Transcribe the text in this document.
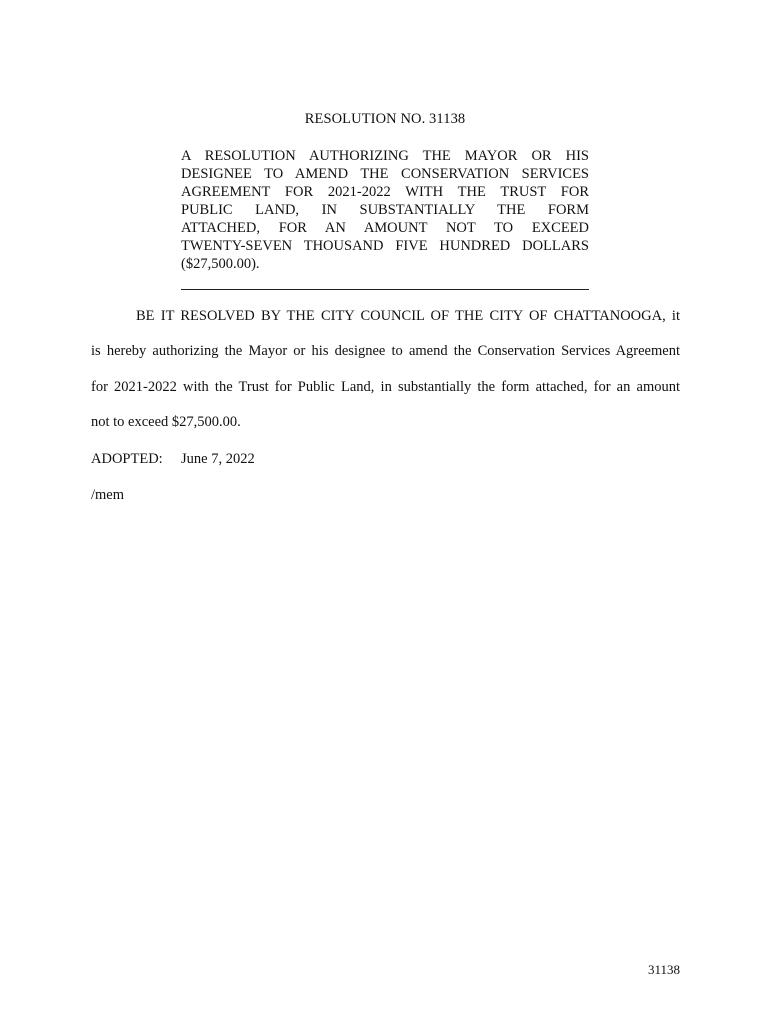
RESOLUTION NO. 31138
A RESOLUTION AUTHORIZING THE MAYOR OR HIS
DESIGNEE TO AMEND THE CONSERVATION SERVICES
AGREEMENT FOR 2021-2022 WITH THE TRUST FOR
PUBLIC LAND, IN SUBSTANTIALLY THE FORM
ATTACHED, FOR AN AMOUNT NOT TO EXCEED
TWENTY-SEVEN THOUSAND FIVE HUNDRED DOLLARS
($27,500.00).
BE IT RESOLVED BY THE CITY COUNCIL OF THE CITY OF CHATTANOOGA, it
is hereby authorizing the Mayor or his designee to amend the Conservation Services Agreement
for 2021-2022 with the Trust for Public Land, in substantially the form attached, for an amount
not to exceed $27,500.00.
ADOPTED: June 7, 2022
/mem
31138
